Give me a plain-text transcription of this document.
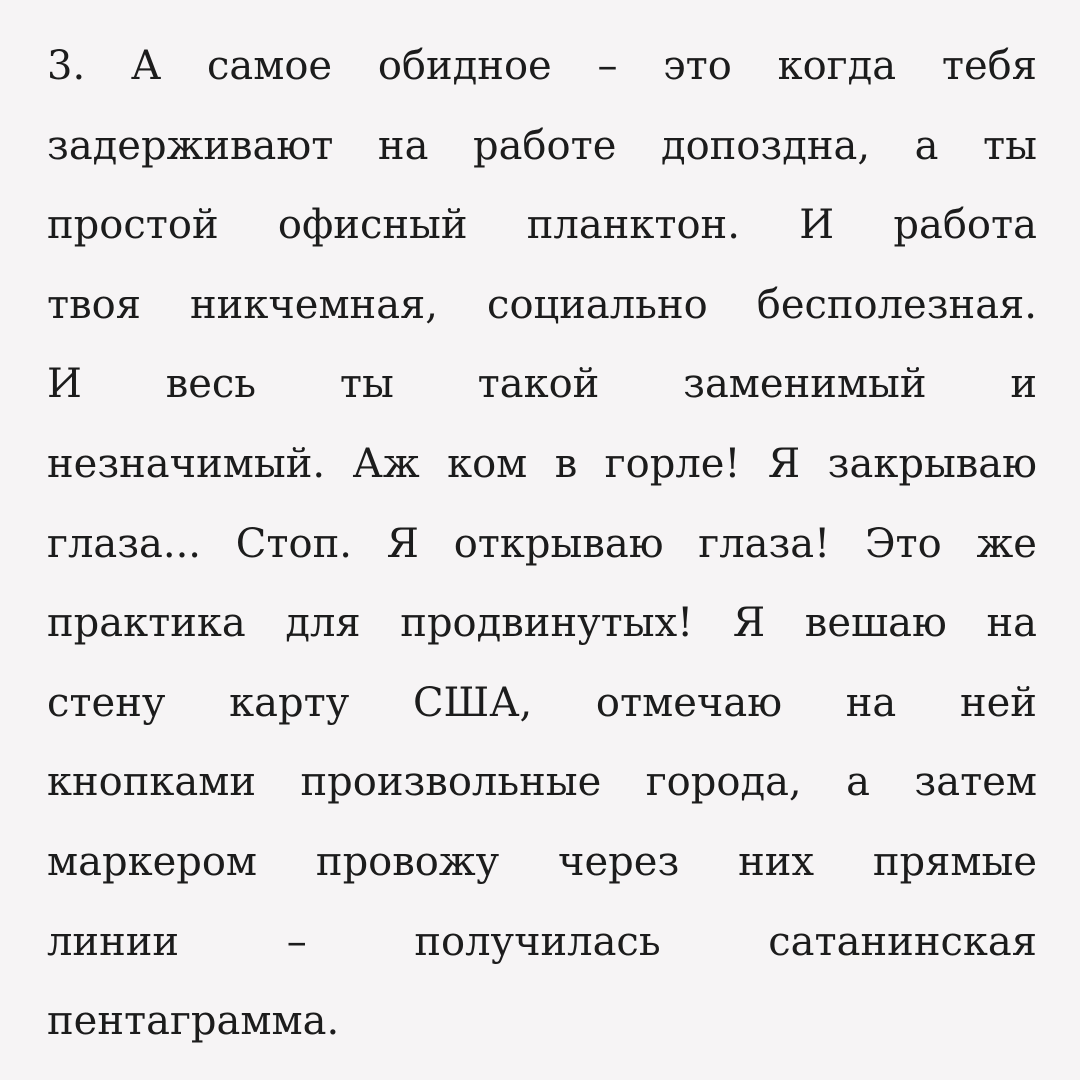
3. А самое обидное – это когда тебя
задерживают на работе допоздна, а ты
простой офисный планктон. И работа
твоя никчемная, социально бесполезная.
И весь ты такой заменимый и
незначимый. Аж ком в горле! Я закрываю
глаза... Стоп. Я открываю глаза! Это же
практика для продвинутых! Я вешаю на
стену карту США, отмечаю на ней
кнопками произвольные города, а затем
маркером провожу через них прямые
линии	–	получилась	сатанинская
пентаграмма.
